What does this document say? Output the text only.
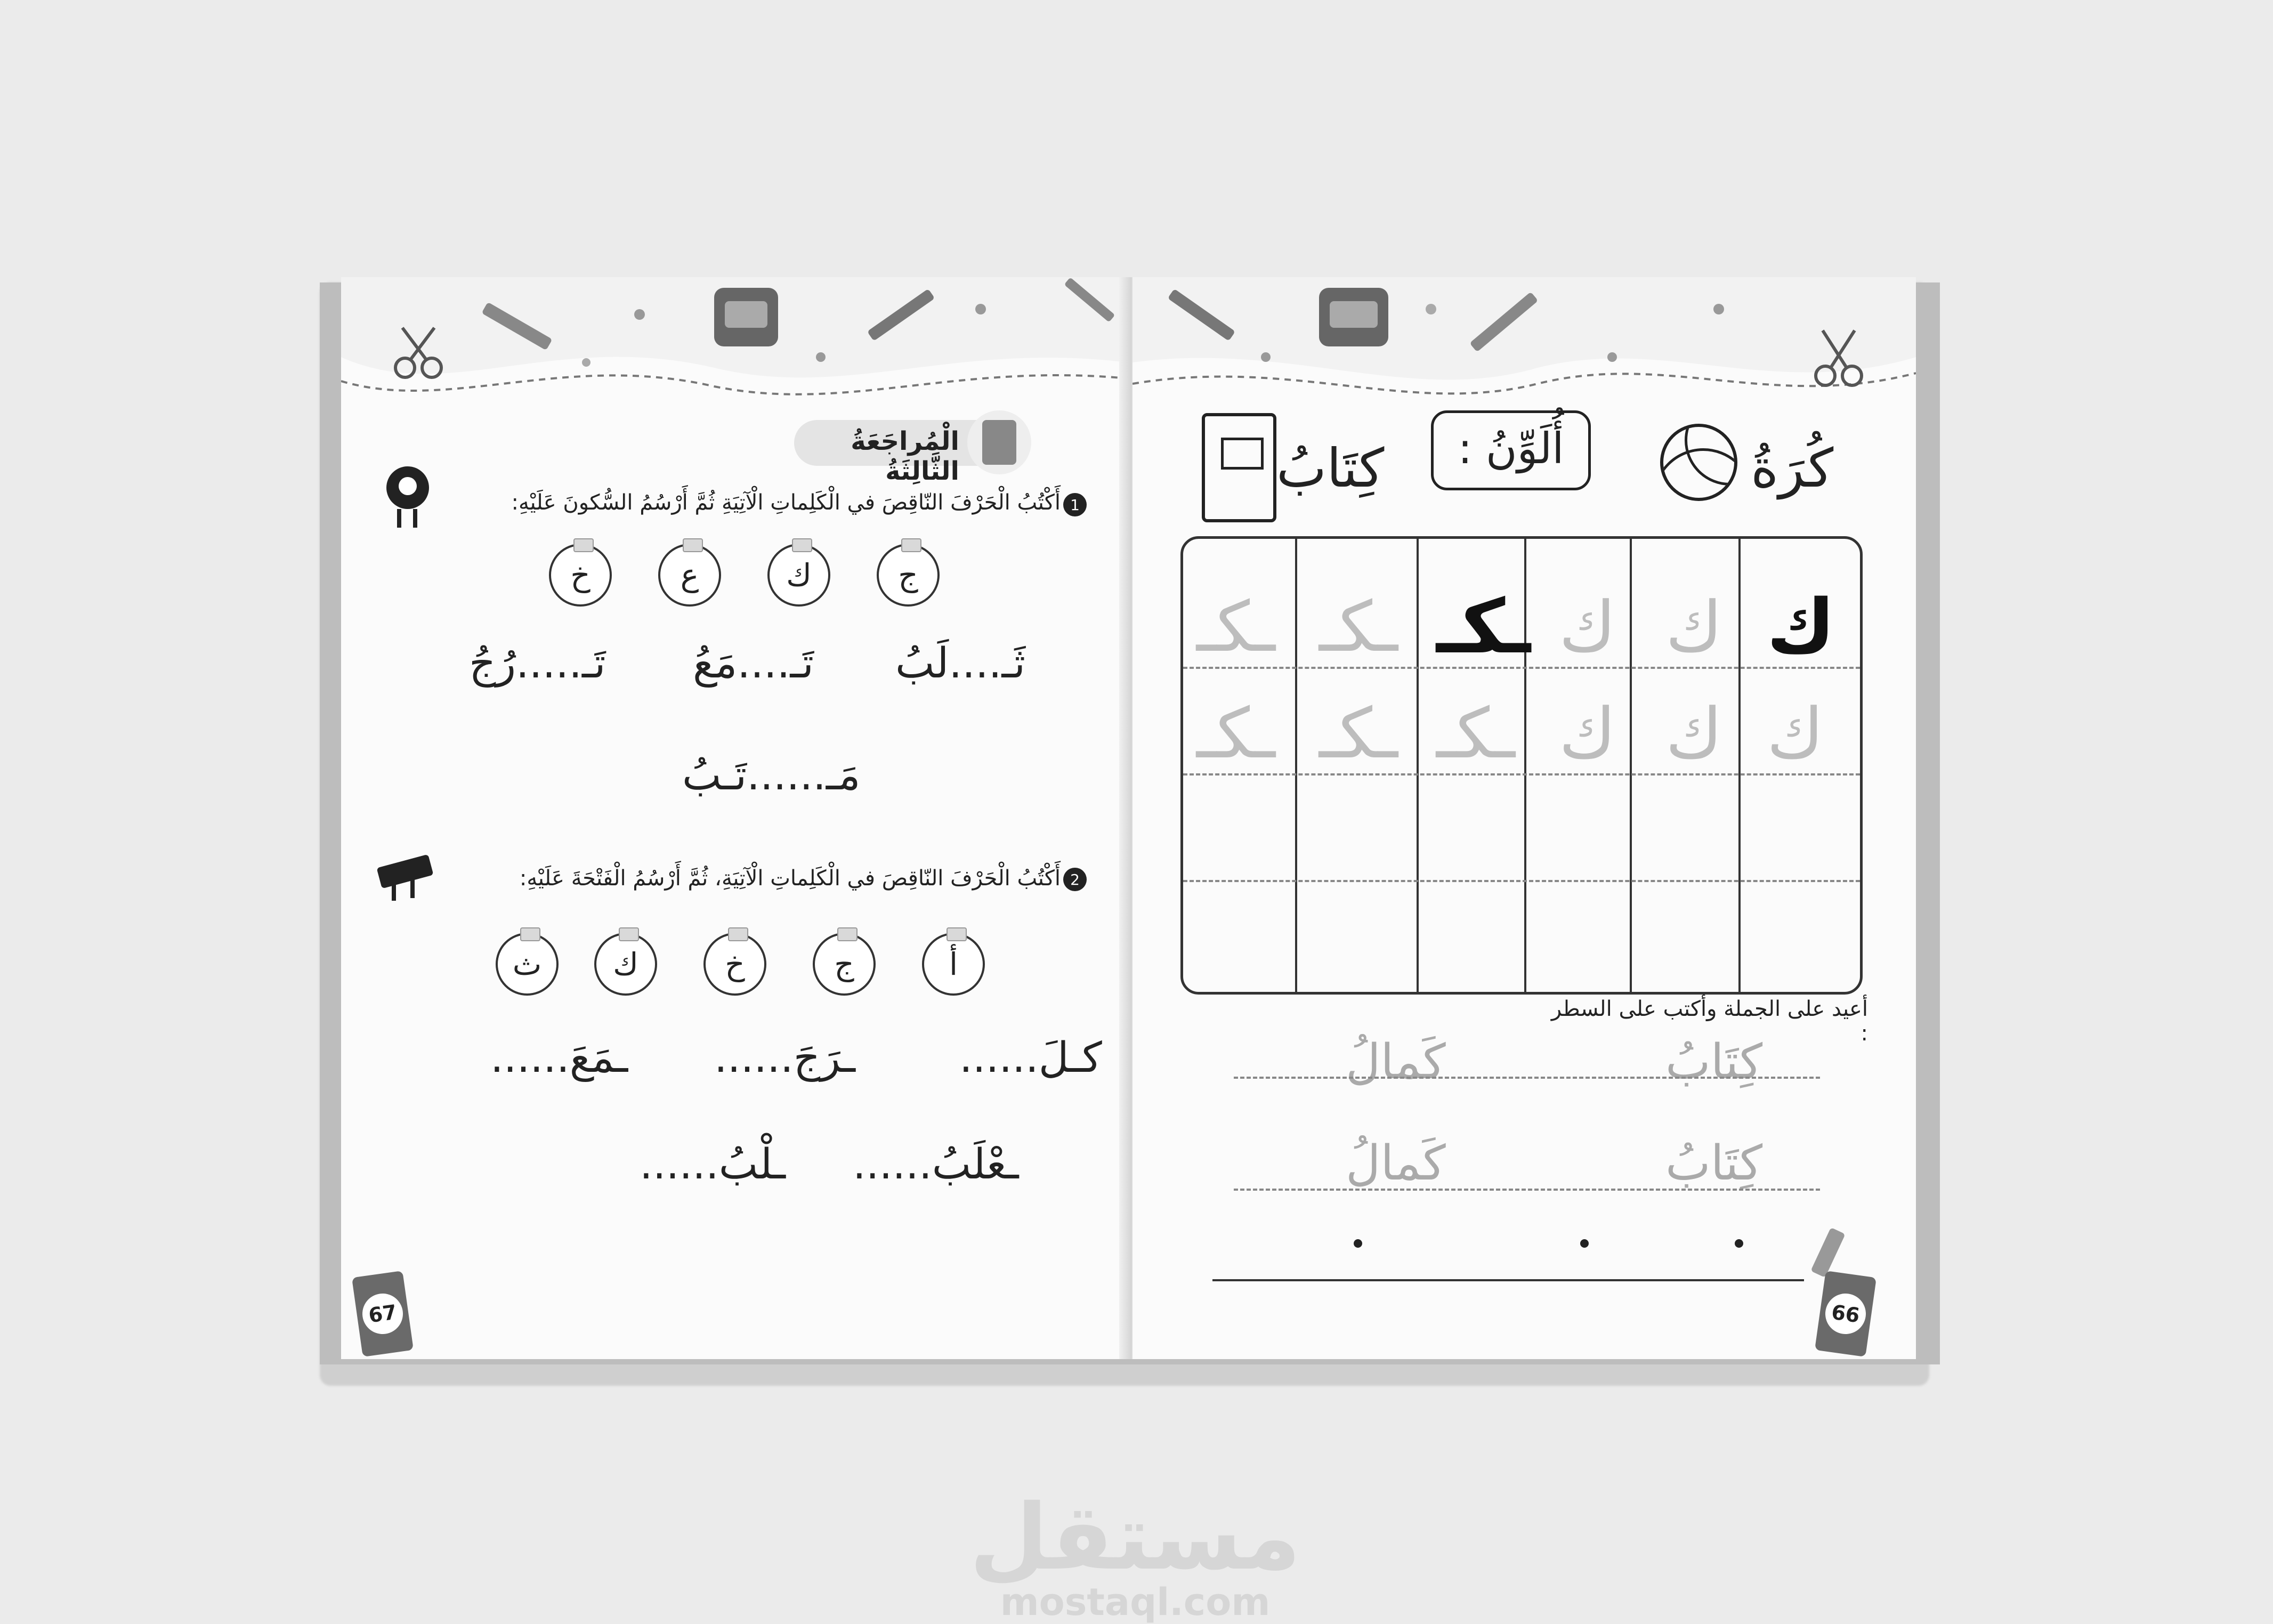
الْمُراجَعَةُ الثَّالِثَةُ
أَكْتُبُ الْحَرْفَ النّاقِصَ في الْكَلِماتِ الْآتِيَةِ ثُمَّ أَرْسُمُ السُّكونَ عَلَيْهِ: 1
ج
ك
ع
خ
ثَـ....لَبُ
تَـ....مَعُ
تَـ.....رُجُ
مَـ......تَـبُ
أَكْتُبُ الْحَرْفَ النّاقِصَ في الْكَلِماتِ الْآتِيَةِ، ثُمَّ أَرْسُمُ الْفَتْحَةَ عَلَيْهِ: 2
أ
ج
خ
ك
ث
كـلَ......
ـرَجَ......
ـمَعَ......
ـعْلَبُ......
ـلْبُ......
67
كِتَابُ أُلَوِّنُ :	كُرَةُ
ك
ك
ك
ـكـ
ـكـ
ـكـ
ك
ك
ك
ـكـ
ـكـ
ـكـ
أعيد على الجملة وأكتب على السطر :
كِتَابُ
كَمالُ
كِتَابُ
كَمالُ
66
مستقل
mostaql.com
